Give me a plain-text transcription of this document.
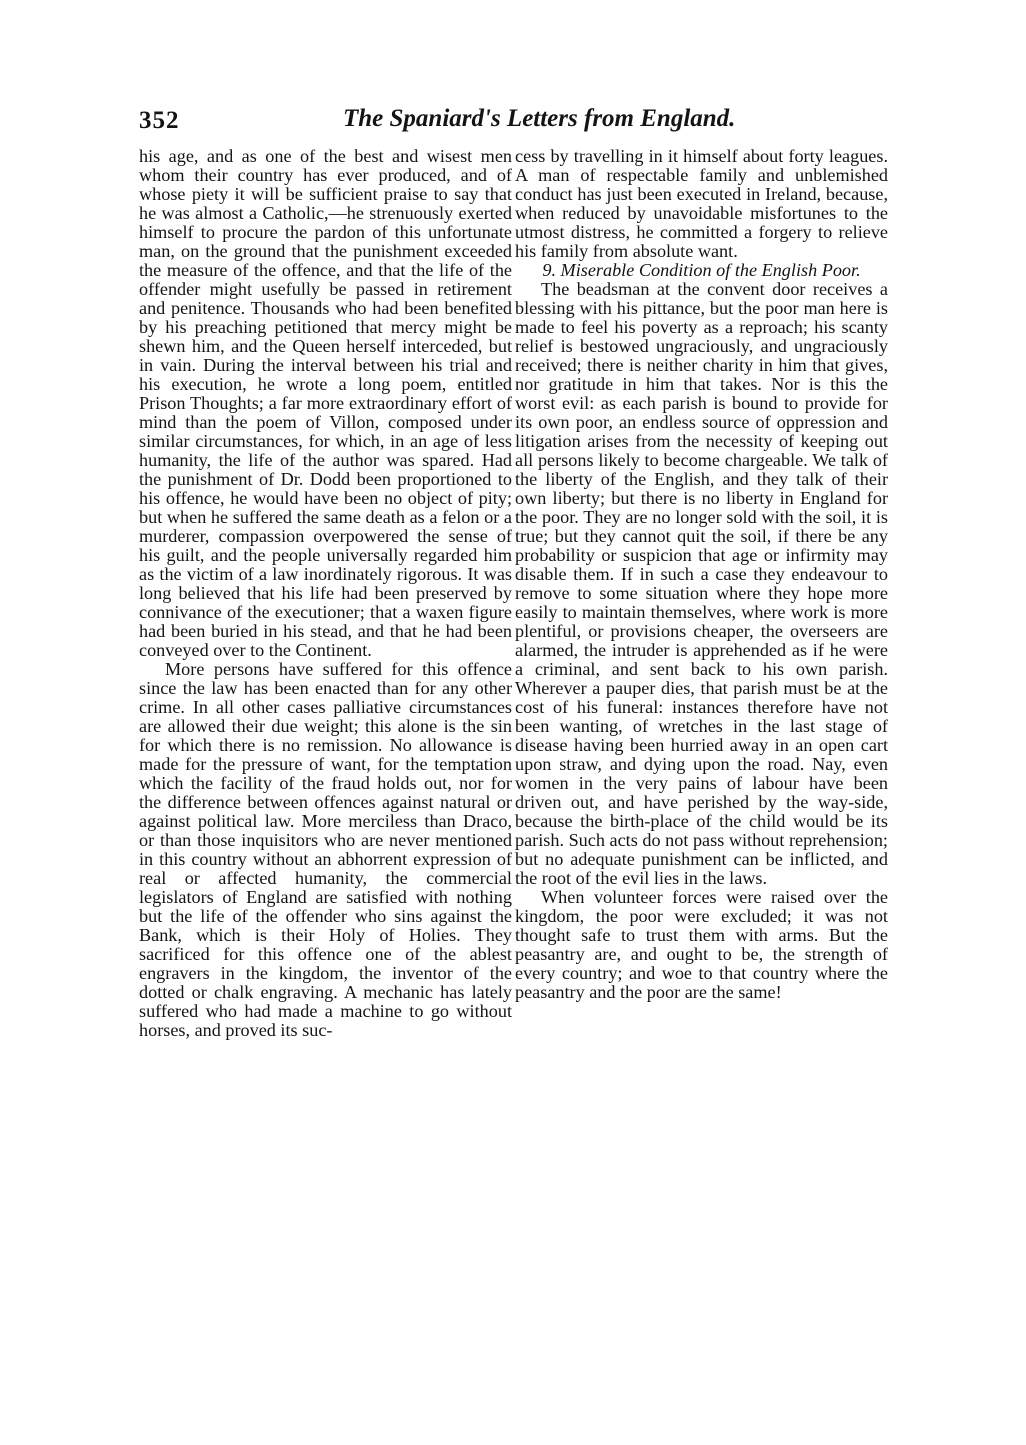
352	The Spaniard's Letters from England.

his age, and as one of the best and wisest men whom their country has ever produced, and of whose piety it will be sufficient praise to say that he was almost a Catholic,—he strenuously exerted himself to procure the pardon of this unfortunate man, on the ground that the punishment exceeded the measure of the offence, and that the life of the offender might usefully be passed in retirement and penitence. Thousands who had been benefited by his preaching petitioned that mercy might be shewn him, and the Queen herself interceded, but in vain. During the interval between his trial and his execution, he wrote a long poem, entitled Prison Thoughts; a far more extraordinary effort of mind than the poem of Villon, composed under similar circumstances, for which, in an age of less humanity, the life of the author was spared. Had the punishment of Dr. Dodd been proportioned to his offence, he would have been no object of pity; but when he suffered the same death as a felon or a murderer, compassion overpowered the sense of his guilt, and the people universally regarded him as the victim of a law inordinately rigorous. It was long believed that his life had been preserved by connivance of the executioner; that a waxen figure had been buried in his stead, and that he had been conveyed over to the Continent.

More persons have suffered for this offence since the law has been enacted than for any other crime. In all other cases palliative circumstances are allowed their due weight; this alone is the sin for which there is no remission. No allowance is made for the pressure of want, for the temptation which the facility of the fraud holds out, nor for the difference between offences against natural or against political law. More merciless than Draco, or than those inquisitors who are never mentioned in this country without an abhorrent expression of real or affected humanity, the commercial legislators of England are satisfied with nothing but the life of the offender who sins against the Bank, which is their Holy of Holies. They sacrificed for this offence one of the ablest engravers in the kingdom, the inventor of the dotted or chalk engraving. A mechanic has lately suffered who had made a machine to go without horses, and proved its suc-

cess by travelling in it himself about forty leagues. A man of respectable family and unblemished conduct has just been executed in Ireland, because, when reduced by unavoidable misfortunes to the utmost distress, he committed a forgery to relieve his family from absolute want.

9. Miserable Condition of the English Poor.

The beadsman at the convent door receives a blessing with his pittance, but the poor man here is made to feel his poverty as a reproach; his scanty relief is bestowed ungraciously, and ungraciously received; there is neither charity in him that gives, nor gratitude in him that takes. Nor is this the worst evil: as each parish is bound to provide for its own poor, an endless source of oppression and litigation arises from the necessity of keeping out all persons likely to become chargeable. We talk of the liberty of the English, and they talk of their own liberty; but there is no liberty in England for the poor. They are no longer sold with the soil, it is true; but they cannot quit the soil, if there be any probability or suspicion that age or infirmity may disable them. If in such a case they endeavour to remove to some situation where they hope more easily to maintain themselves, where work is more plentiful, or provisions cheaper, the overseers are alarmed, the intruder is apprehended as if he were a criminal, and sent back to his own parish. Wherever a pauper dies, that parish must be at the cost of his funeral: instances therefore have not been wanting, of wretches in the last stage of disease having been hurried away in an open cart upon straw, and dying upon the road. Nay, even women in the very pains of labour have been driven out, and have perished by the way-side, because the birth-place of the child would be its parish. Such acts do not pass without reprehension; but no adequate punishment can be inflicted, and the root of the evil lies in the laws.

When volunteer forces were raised over the kingdom, the poor were excluded; it was not thought safe to trust them with arms. But the peasantry are, and ought to be, the strength of every country; and woe to that country where the peasantry and the poor are the same!
